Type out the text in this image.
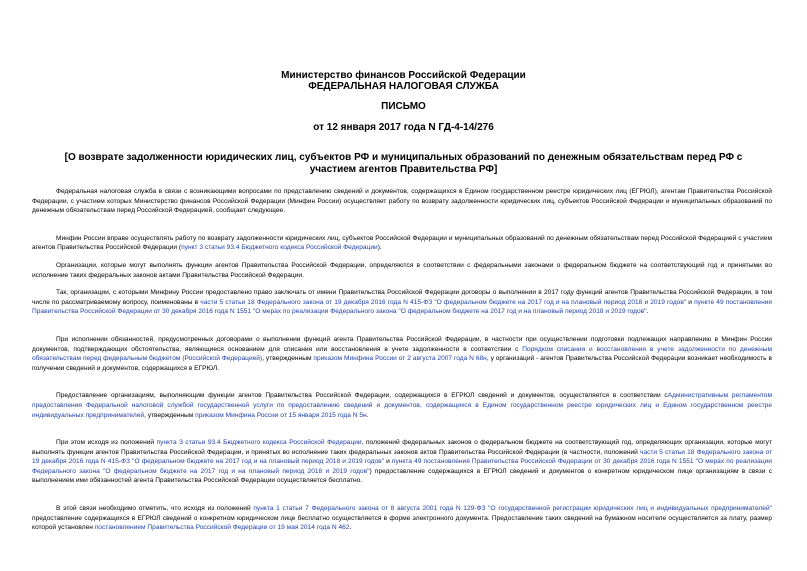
Министерство финансов Российской Федерации
ФЕДЕРАЛЬНАЯ НАЛОГОВАЯ СЛУЖБА
ПИСЬМО
от 12 января 2017 года N ГД-4-14/276
[О возврате задолженности юридических лиц, субъектов РФ и муниципальных образований по денежным обязательствам перед РФ с участием агентов Правительства РФ]

Федеральная налоговая служба в связи с возникающими вопросами по представлению сведений и документов, содержащихся в Едином государственном реестре юридических лиц (ЕГРЮЛ), агентам Правительства Российской Федерации, с участием которых Министерство финансов Российской Федерации (Минфин России) осуществляет работу по возврату задолженности юридических лиц, субъектов Российской Федерации и муниципальных образований по денежным обязательствам перед Российской Федерацией, сообщает следующее.

Минфин России вправе осуществлять работу по возврату задолженности юридических лиц, субъектов Российской Федерации и муниципальных образований по денежным обязательствам перед Российской Федерацией с участием агентов Правительства Российской Федерации (пункт 3 статьи 93.4 Бюджетного кодекса Российской Федерации).

Организации, которые могут выполнять функции агентов Правительства Российской Федерации, определяются в соответствии с федеральными законами о федеральном бюджете на соответствующий год и принятыми во исполнение таких федеральных законов актами Правительства Российской Федерации.

Так, организации, с которыми Минфину России предоставлено право заключать от имени Правительства Российской Федерации договоры о выполнении в 2017 году функций агентов Правительства Российской Федерации, в том числе по рассматриваемому вопросу, поименованы в части 5 статьи 18 Федерального закона от 19 декабря 2016 года N 415-ФЗ "О федеральном бюджете на 2017 год и на плановый период 2018 и 2019 годов" и пункте 49 постановления Правительства Российской Федерации от 30 декабря 2016 года N 1551 "О мерах по реализации Федерального закона "О федеральном бюджете на 2017 год и на плановый период 2018 и 2019 годов".

При исполнении обязанностей, предусмотренных договорами о выполнении функций агента Правительства Российской Федерации, в частности при осуществлении подготовки подлежащих направлению в Минфин России документов, подтверждающих обстоятельства, являющиеся основанием для списания или восстановления в учете задолженности в соответствии с Порядком списания и восстановления в учете задолженности по денежным обязательствам перед федеральным бюджетом (Российской Федерацией), утвержденным приказом Минфина России от 2 августа 2007 года N 68н, у организаций - агентов Правительства Российской Федерации возникает необходимость в получении сведений и документов, содержащихся в ЕГРЮЛ.

Предоставление организациям, выполняющим функции агентов Правительства Российской Федерации, содержащихся в ЕГРЮЛ сведений и документов, осуществляется в соответствии сАдминистративным регламентом предоставления Федеральной налоговой службой государственной услуги по предоставлению сведений и документов, содержащихся в Едином государственном реестре юридических лиц и Едином государственном реестре индивидуальных предпринимателей, утвержденным приказом Минфина России от 15 января 2015 года N 5н.

При этом исходя из положений пункта 3 статьи 93.4 Бюджетного кодекса Российской Федерации, положений федеральных законов о федеральном бюджете на соответствующий год, определяющих организации, которые могут выполнять функции агентов Правительства Российской Федерации, и принятых во исполнение таких федеральных законов актов Правительства Российской Федерации (в частности, положений части 5 статьи 18 Федерального закона от 19 декабря 2016 года N 415-ФЗ "О федеральном бюджете на 2017 год и на плановый период 2018 и 2019 годов" и пункта 49 постановления Правительства Российской Федерации от 30 декабря 2016 года N 1551 "О мерах по реализации Федерального закона "О федеральном бюджете на 2017 год и на плановый период 2018 и 2019 годов") предоставление содержащихся в ЕГРЮЛ сведений и документов о конкретном юридическом лице организациям в связи с выполнением ими обязанностей агента Правительства Российской Федерации осуществляется бесплатно.

В этой связи необходимо отметить, что исходя из положений пункта 1 статьи 7 Федерального закона от 8 августа 2001 года N 129-ФЗ "О государственной регистрации юридических лиц и индивидуальных предпринимателей" предоставление содержащихся в ЕГРЮЛ сведений о конкретном юридическом лице бесплатно осуществляется в форме электронного документа. Предоставление таких сведений на бумажном носителе осуществляется за плату, размер которой установлен постановлением Правительства Российской Федерации от 19 мая 2014 года N 462.
